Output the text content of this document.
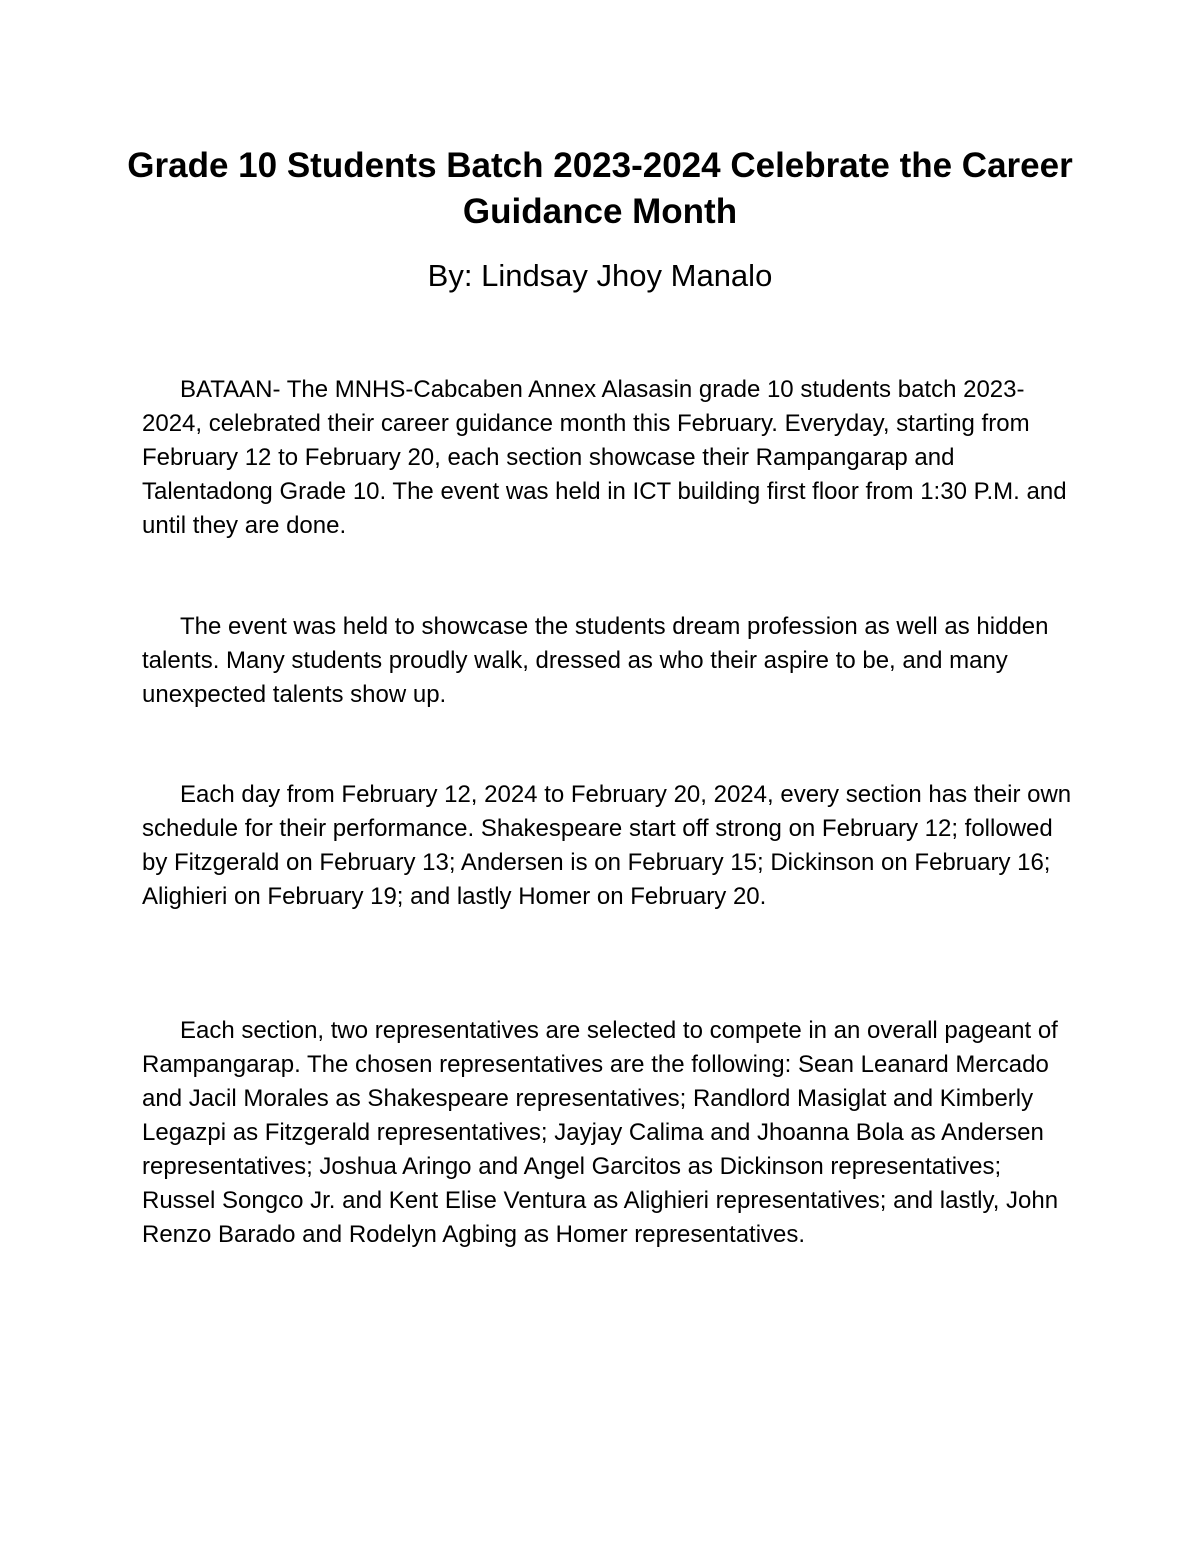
Grade 10 Students Batch 2023-2024 Celebrate the Career Guidance Month

By: Lindsay Jhoy Manalo

BATAAN- The MNHS-Cabcaben Annex Alasasin grade 10 students batch 2023-2024, celebrated their career guidance month this February. Everyday, starting from February 12 to February 20, each section showcase their Rampangarap and Talentadong Grade 10. The event was held in ICT building first floor from 1:30 P.M. and until they are done.

The event was held to showcase the students dream profession as well as hidden talents. Many students proudly walk, dressed as who their aspire to be, and many unexpected talents show up.

Each day from February 12, 2024 to February 20, 2024, every section has their own schedule for their performance. Shakespeare start off strong on February 12; followed by Fitzgerald on February 13; Andersen is on February 15; Dickinson on February 16; Alighieri on February 19; and lastly Homer on February 20.

Each section, two representatives are selected to compete in an overall pageant of Rampangarap. The chosen representatives are the following: Sean Leanard Mercado and Jacil Morales as Shakespeare representatives; Randlord Masiglat and Kimberly Legazpi as Fitzgerald representatives; Jayjay Calima and Jhoanna Bola as Andersen representatives; Joshua Aringo and Angel Garcitos as Dickinson representatives; Russel Songco Jr. and Kent Elise Ventura as Alighieri representatives; and lastly, John Renzo Barado and Rodelyn Agbing as Homer representatives.
